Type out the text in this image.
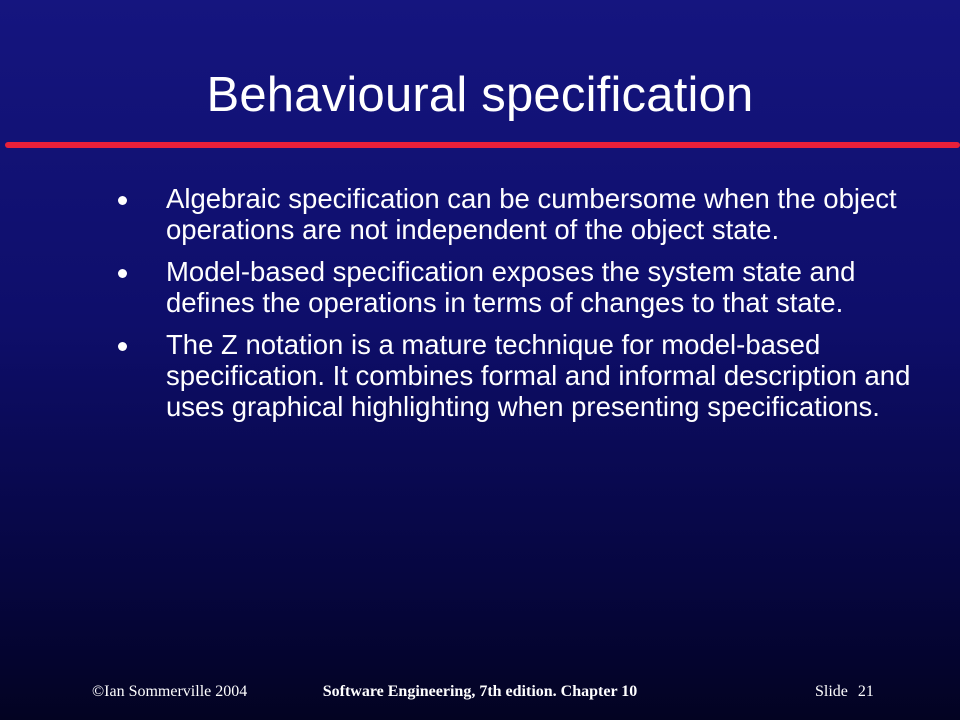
Behavioural specification
Algebraic specification can be cumbersome when the object operations are not independent of the object state.
Model-based specification exposes the system state and defines the operations in terms of changes to that state.
The Z notation is a mature technique for model-based specification. It combines formal and informal description and uses graphical highlighting when presenting specifications.
©Ian Sommerville 2004	Software Engineering, 7th edition. Chapter 10	Slide 21
